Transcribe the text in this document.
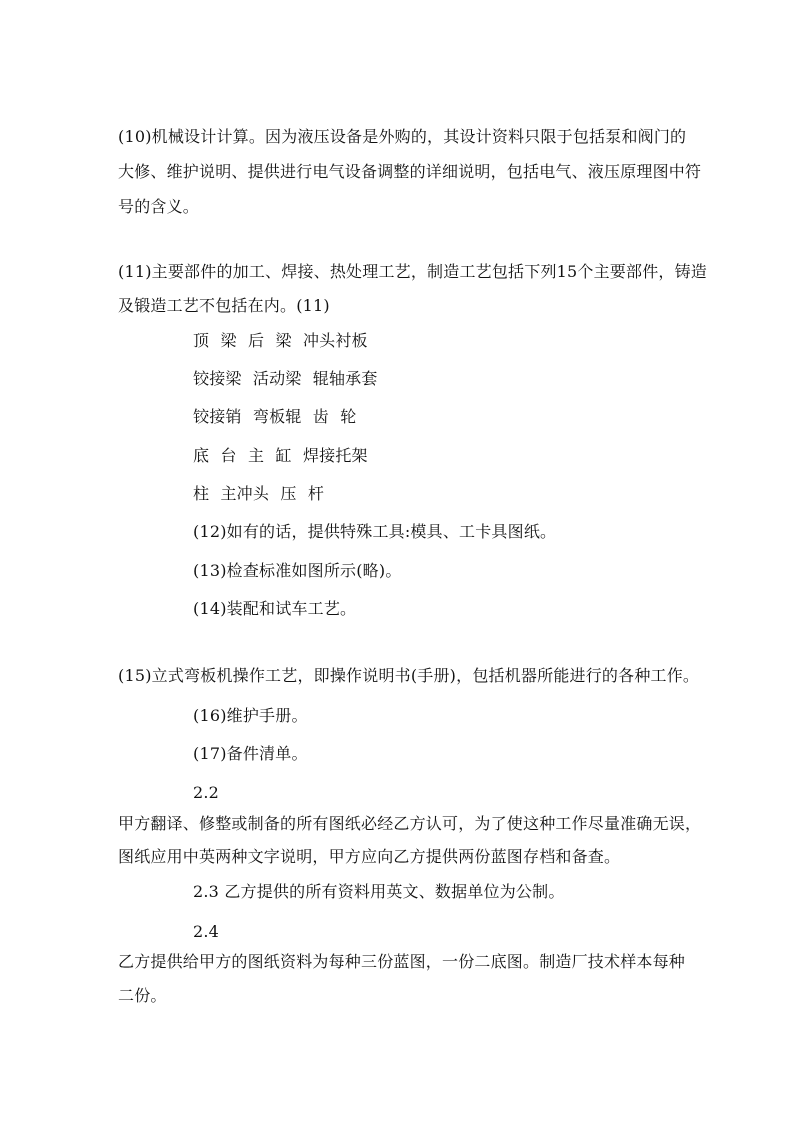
(10)机械设计计算。因为液压设备是外购的，其设计资料只限于包括泵和阀门的
大修、维护说明、提供进行电气设备调整的详细说明，包括电气、液压原理图中符
号的含义。
(11)主要部件的加工、焊接、热处理工艺，制造工艺包括下列15个主要部件，铸造
及锻造工艺不包括在内。(11)
顶 梁 后 梁 冲头衬板
铰接梁 活动梁 辊轴承套
铰接销 弯板辊 齿 轮
底 台 主 缸 焊接托架
柱 主冲头 压 杆
(12)如有的话，提供特殊工具:模具、工卡具图纸。
(13)检查标准如图所示(略)。
(14)装配和试车工艺。
(15)立式弯板机操作工艺，即操作说明书(手册)，包括机器所能进行的各种工作。
(16)维护手册。
(17)备件清单。
2.2
甲方翻译、修整或制备的所有图纸必经乙方认可，为了使这种工作尽量准确无误，
图纸应用中英两种文字说明，甲方应向乙方提供两份蓝图存档和备查。
2.3 乙方提供的所有资料用英文、数据单位为公制。
2.4
乙方提供给甲方的图纸资料为每种三份蓝图，一份二底图。制造厂技术样本每种
二份。
